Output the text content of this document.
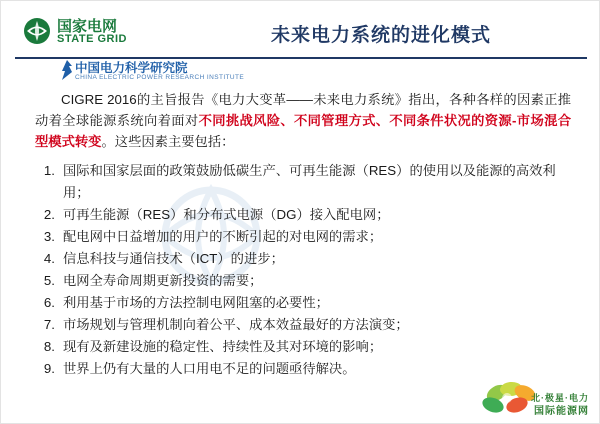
国家电网
STATE GRID	未来电力系统的进化模式
中国电力科学研究院
CHINA ELECTRIC POWER RESEARCH INSTITUTE

CIGRE 2016的主旨报告《电力大变革——未来电力系统》指出，各种各样的因素正推动着全球能源系统向着面对不同挑战风险、不同管理方式、不同条件状况的资源-市场混合型模式转变。这些因素主要包括：

1. 国际和国家层面的政策鼓励低碳生产、可再生能源（RES）的使用以及能源的高效利用；
2. 可再生能源（RES）和分布式电源（DG）接入配电网；
3. 配电网中日益增加的用户的不断引起的对电网的需求；
4. 信息科技与通信技术（ICT）的进步；
5. 电网全寿命周期更新投资的需要；
6. 利用基于市场的方法控制电网阻塞的必要性；
7. 市场规划与管理机制向着公平、成本效益最好的方法演变；
8. 现有及新建设施的稳定性、持续性及其对环境的影响；
9. 世界上仍有大量的人口用电不足的问题亟待解决。
北·极星·电力
国际能源网
